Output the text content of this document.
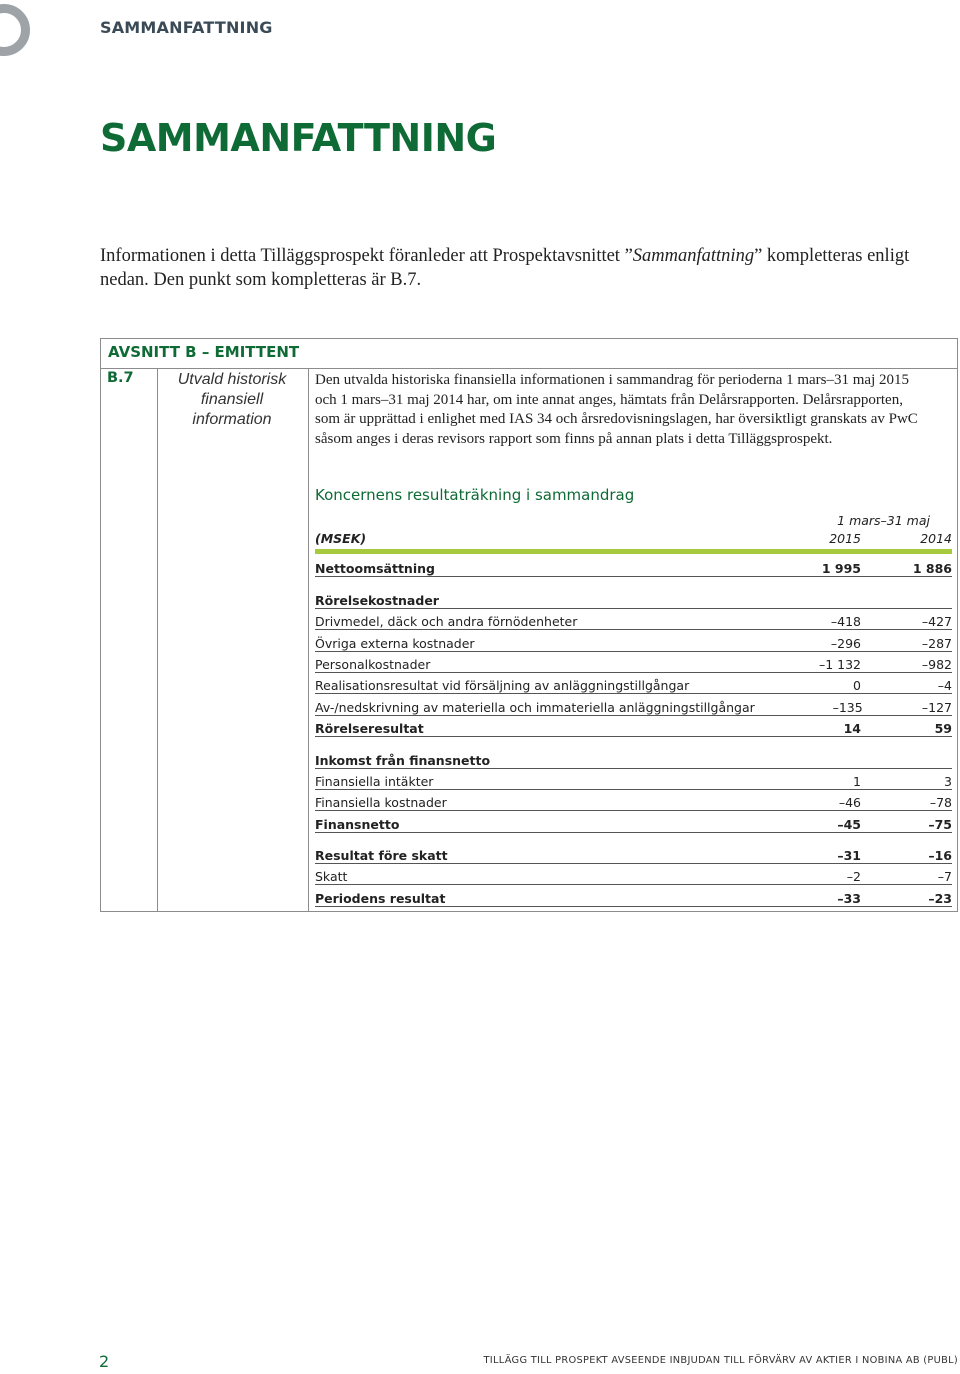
SAMMANFATTNING
SAMMANFATTNING

Informationen i detta Tilläggsprospekt föranleder att Prospektavsnittet ”Sammanfattning” kompletteras enligt nedan. Den punkt som kompletteras är B.7.

AVSNITT B – EMITTENT
B.7	Utvald historisk finansiell information

Den utvalda historiska finansiella informationen i sammandrag för perioderna 1 mars–31 maj 2015 och 1 mars–31 maj 2014 har, om inte annat anges, hämtats från Delårsrapporten. Delårsrapporten, som är upprättad i enlighet med IAS 34 och årsredovisningslagen, har översiktligt granskats av PwC såsom anges i deras revisors rapport som finns på annan plats i detta Tilläggsprospekt.

Koncernens resultaträkning i sammandrag
1 mars–31 maj
(MSEK)	2015	2014
Nettoomsättning	1 995	1 886
Rörelsekostnader
Drivmedel, däck och andra förnödenheter	–418	–427
Övriga externa kostnader	–296	–287
Personalkostnader	–1 132	–982
Realisationsresultat vid försäljning av anläggningstillgångar	0	–4
Av-/nedskrivning av materiella och immateriella anläggningstillgångar	–135	–127
Rörelseresultat	14	59
Inkomst från finansnetto
Finansiella intäkter	1	3
Finansiella kostnader	–46	–78
Finansnetto	–45	–75
Resultat före skatt	–31	–16
Skatt	–2	–7
Periodens resultat	–33	–23
2	TILLÄGG TILL PROSPEKT AVSEENDE INBJUDAN TILL FÖRVÄRV AV AKTIER I NOBINA AB (PUBL)
